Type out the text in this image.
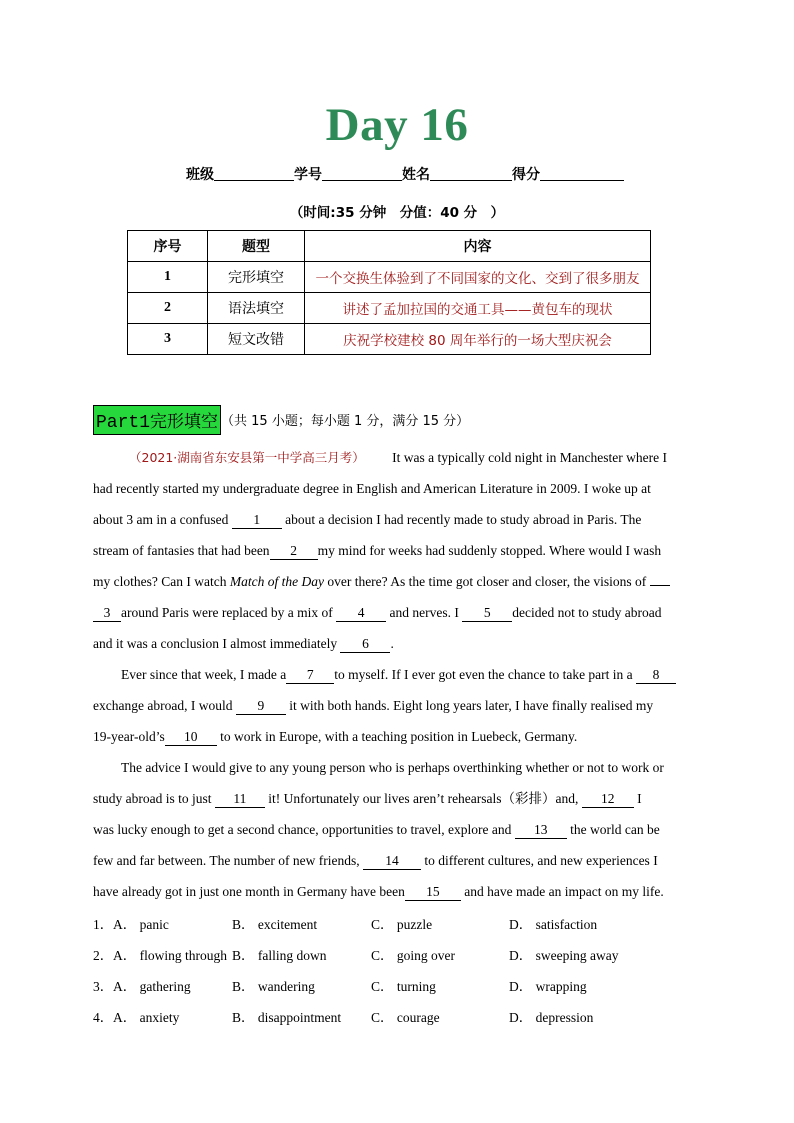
Day 16
班级	学号	姓名	得分
（时间:35 分钟　分值：40 分　）
序号	题型	内容
1	完形填空	一个交换生体验到了不同国家的文化、交到了很多朋友
2	语法填空	讲述了孟加拉国的交通工具——黄包车的现状
3	短文改错	庆祝学校建校 80 周年举行的一场大型庆祝会
Part1完形填空 （共 15 小题；每小题 1 分，满分 15 分）
（2021·湖南省东安县第一中学高三月考） It was a typically cold night in Manchester where I
had recently started my undergraduate degree in English and American Literature in 2009. I woke up at
about 3 am in a confused 1 about a decision I had recently made to study abroad in Paris. The
stream of fantasies that had been 2 my mind for weeks had suddenly stopped. Where would I wash
my clothes? Can I watch Match of the Day over there? As the time got closer and closer, the visions of
3 around Paris were replaced by a mix of 4 and nerves. I 5 decided not to study abroad
and it was a conclusion I almost immediately 6 .
Ever since that week, I made a 7 to myself. If I ever got even the chance to take part in a 8
exchange abroad, I would 9 it with both hands. Eight long years later, I have finally realised my
19-year-old’s 10 to work in Europe, with a teaching position in Luebeck, Germany.
The advice I would give to any young person who is perhaps overthinking whether or not to work or
study abroad is to just 11 it! Unfortunately our lives aren’t rehearsals（彩排）and, 12 I
was lucky enough to get a second chance, opportunities to travel, explore and 13 the world can be
few and far between. The number of new friends, 14 to different cultures, and new experiences I
have already got in just one month in Germany have been 15 and have made an impact on my life.
1． A． panic	B． excitement	C． puzzle	D． satisfaction
2． A． flowing through B． falling down	C． going over	D． sweeping away
3． A． gathering	B． wandering	C． turning	D． wrapping
4． A． anxiety	B． disappointment C． courage	D． depression
